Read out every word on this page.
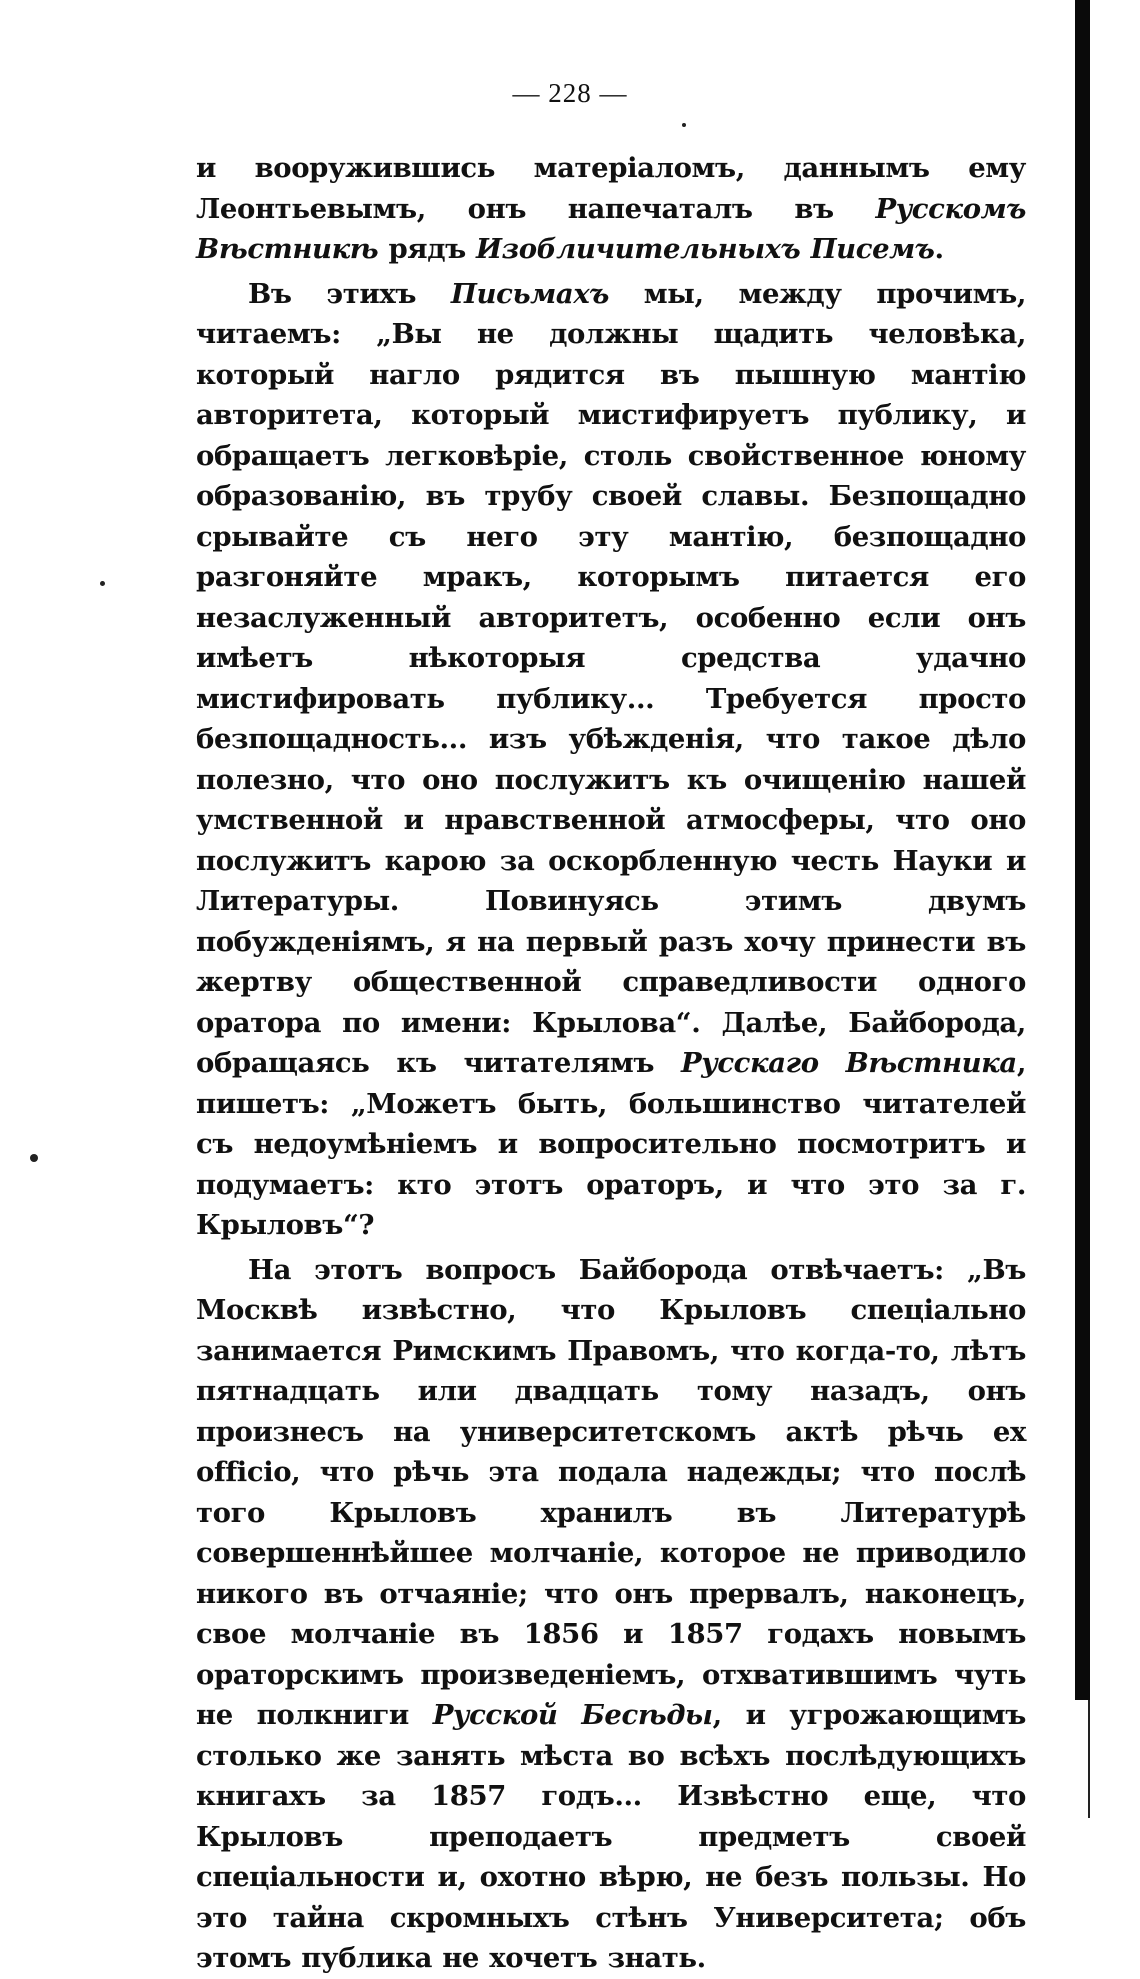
— 228 —

и вооружившись матеріаломъ, даннымъ ему Леонтьевымъ, онъ напечаталъ въ Русскомъ Вѣстникѣ рядъ Изобличительныхъ Писемъ.

Въ этихъ Письмахъ мы, между прочимъ, читаемъ: „Вы не должны щадить человѣка, который нагло рядится въ пышную мантію авторитета, который мистифируетъ публику, и обращаетъ легковѣріе, столь свойственное юному образованію, въ трубу своей славы. Безпощадно срывайте съ него эту мантію, безпощадно разгоняйте мракъ, которымъ питается его незаслуженный авторитетъ, особенно если онъ имѣетъ нѣкоторыя средства удачно мистифировать публику... Требуется просто безпощадность... изъ убѣжденія, что такое дѣло полезно, что оно послужитъ къ очищенію нашей умственной и нравственной атмосферы, что оно послужитъ карою за оскорбленную честь Науки и Литературы. Повинуясь этимъ двумъ побужденіямъ, я на первый разъ хочу принести въ жертву общественной справедливости одного оратора по имени: Крылова“. Далѣе, Байборода, обращаясь къ читателямъ Русскаго Вѣстника, пишетъ: „Можетъ быть, большинство читателей съ недоумѣніемъ и вопросительно посмотритъ и подумаетъ: кто этотъ ораторъ, и что это за г. Крыловъ“?

На этотъ вопросъ Байборода отвѣчаетъ: „Въ Москвѣ извѣстно, что Крыловъ спеціально занимается Римскимъ Правомъ, что когда-то, лѣтъ пятнадцать или двадцать тому назадъ, онъ произнесъ на университетскомъ актѣ рѣчь ex officio, что рѣчь эта подала надежды; что послѣ того Крыловъ хранилъ въ Литературѣ совершеннѣйшее молчаніе, которое не приводило никого въ отчаяніе; что онъ прервалъ, наконецъ, свое молчаніе въ 1856 и 1857 годахъ новымъ ораторскимъ произведеніемъ, отхватившимъ чуть не полкниги Русской Бесѣды, и угрожающимъ столько же занять мѣста во всѣхъ послѣдующихъ книгахъ за 1857 годъ... Извѣстно еще, что Крыловъ преподаетъ предметъ своей спеціальности и, охотно вѣрю, не безъ пользы. Но это тайна скромныхъ стѣнъ Университета; объ этомъ публика не хочетъ знать.
